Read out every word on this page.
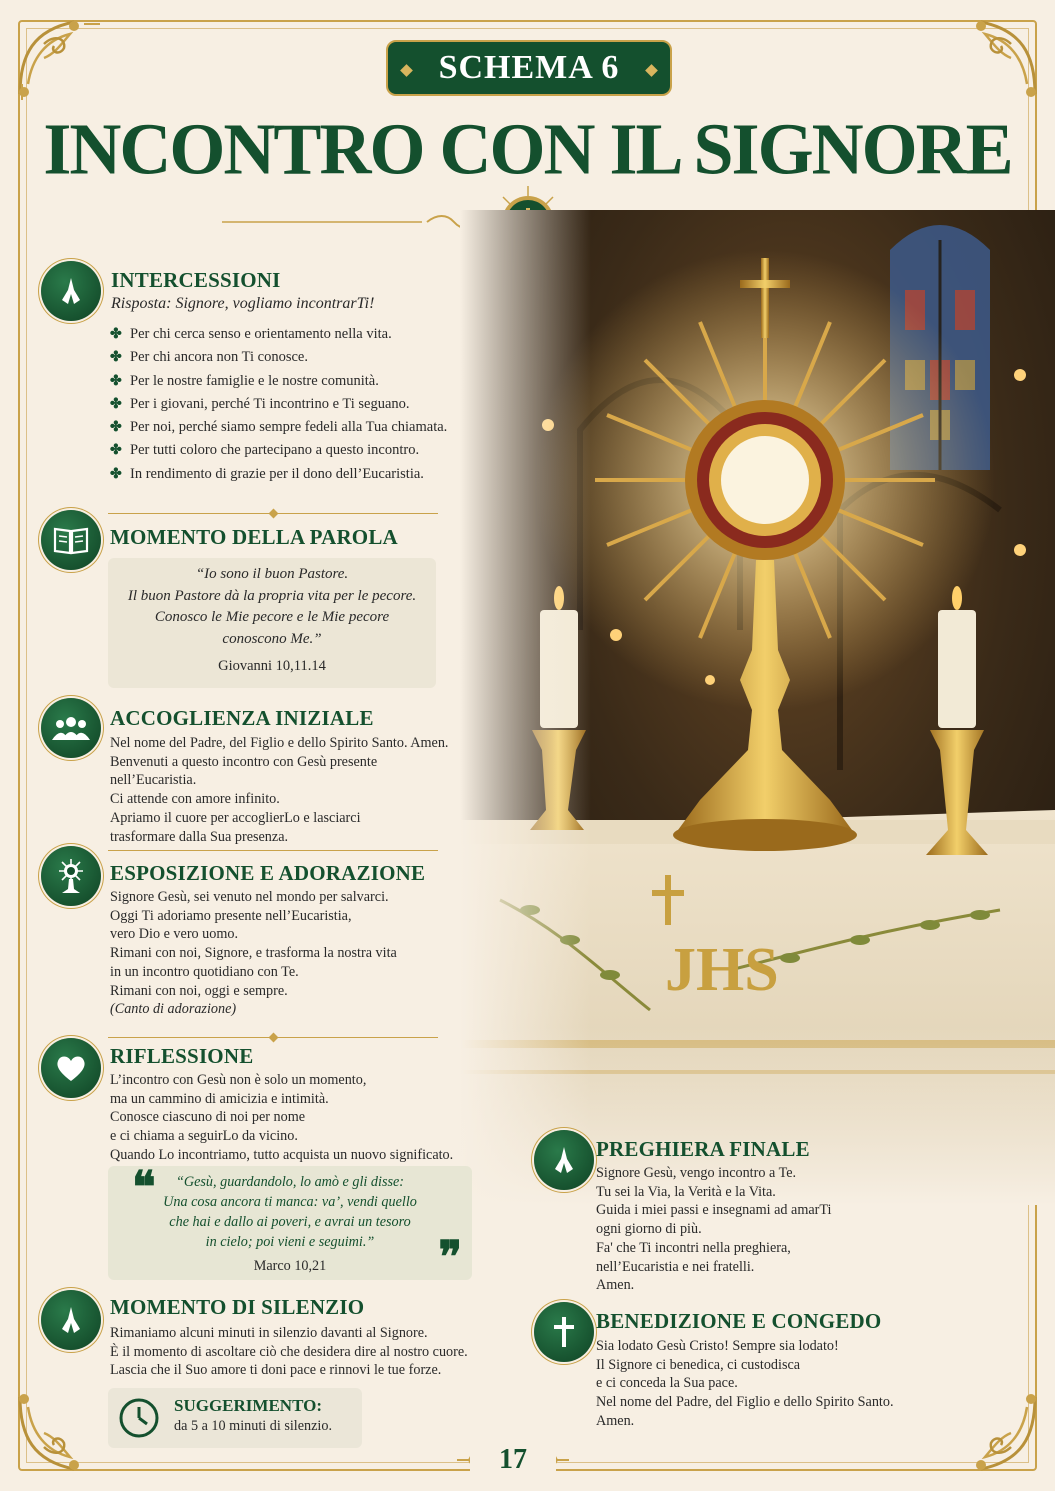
SCHEMA 6
INCONTRO CON IL SIGNORE
INTERCESSIONI
Risposta: Signore, vogliamo incontrarTi!
✤ Per chi cerca senso e orientamento nella vita.
✤ Per chi ancora non Ti conosce.
✤ Per le nostre famiglie e le nostre comunità.
✤ Per i giovani, perché Ti incontrino e Ti seguano.
✤ Per noi, perché siamo sempre fedeli alla Tua chiamata.
✤ Per tutti coloro che partecipano a questo incontro.
✤ In rendimento di grazie per il dono dell’Eucaristia.
MOMENTO DELLA PAROLA
“Io sono il buon Pastore.
Il buon Pastore dà la propria vita per le pecore.
Conosco le Mie pecore e le Mie pecore
conoscono Me.”
Giovanni 10,11.14
ACCOGLIENZA INIZIALE
Nel nome del Padre, del Figlio e dello Spirito Santo. Amen.
Benvenuti a questo incontro con Gesù presente
nell’Eucaristia.
Ci attende con amore infinito.
Apriamo il cuore per accoglierLo e lasciarci
trasformare dalla Sua presenza.
ESPOSIZIONE E ADORAZIONE
Signore Gesù, sei venuto nel mondo per salvarci.
Oggi Ti adoriamo presente nell’Eucaristia,
vero Dio e vero uomo.
Rimani con noi, Signore, e trasforma la nostra vita
in un incontro quotidiano con Te.
Rimani con noi, oggi e sempre.
(Canto di adorazione)
RIFLESSIONE
L’incontro con Gesù non è solo un momento,
ma un cammino di amicizia e intimità.
Conosce ciascuno di noi per nome
e ci chiama a seguirLo da vicino.
Quando Lo incontriamo, tutto acquista un nuovo significato.
❝	“Gesù, guardandolo, lo amò e gli disse:
Una cosa ancora ti manca: va’, vendi quello
che hai e dallo ai poveri, e avrai un tesoro
in cielo; poi vieni e seguimi.”
Marco 10,21	❞
MOMENTO DI SILENZIO
Rimaniamo alcuni minuti in silenzio davanti al Signore.
È il momento di ascoltare ciò che desidera dire al nostro cuore.
Lascia che il Suo amore ti doni pace e rinnovi le tue forze.
SUGGERIMENTO:
da 5 a 10 minuti di silenzio.
PREGHIERA FINALE
Signore Gesù, vengo incontro a Te.
Tu sei la Via, la Verità e la Vita.
Guida i miei passi e insegnami ad amarTi
ogni giorno di più.
Fa' che Ti incontri nella preghiera,
nell’Eucaristia e nei fratelli.
Amen.
BENEDIZIONE E CONGEDO
Sia lodato Gesù Cristo! Sempre sia lodato!
Il Signore ci benedica, ci custodisca
e ci conceda la Sua pace.
Nel nome del Padre, del Figlio e dello Spirito Santo.
Amen.
17
